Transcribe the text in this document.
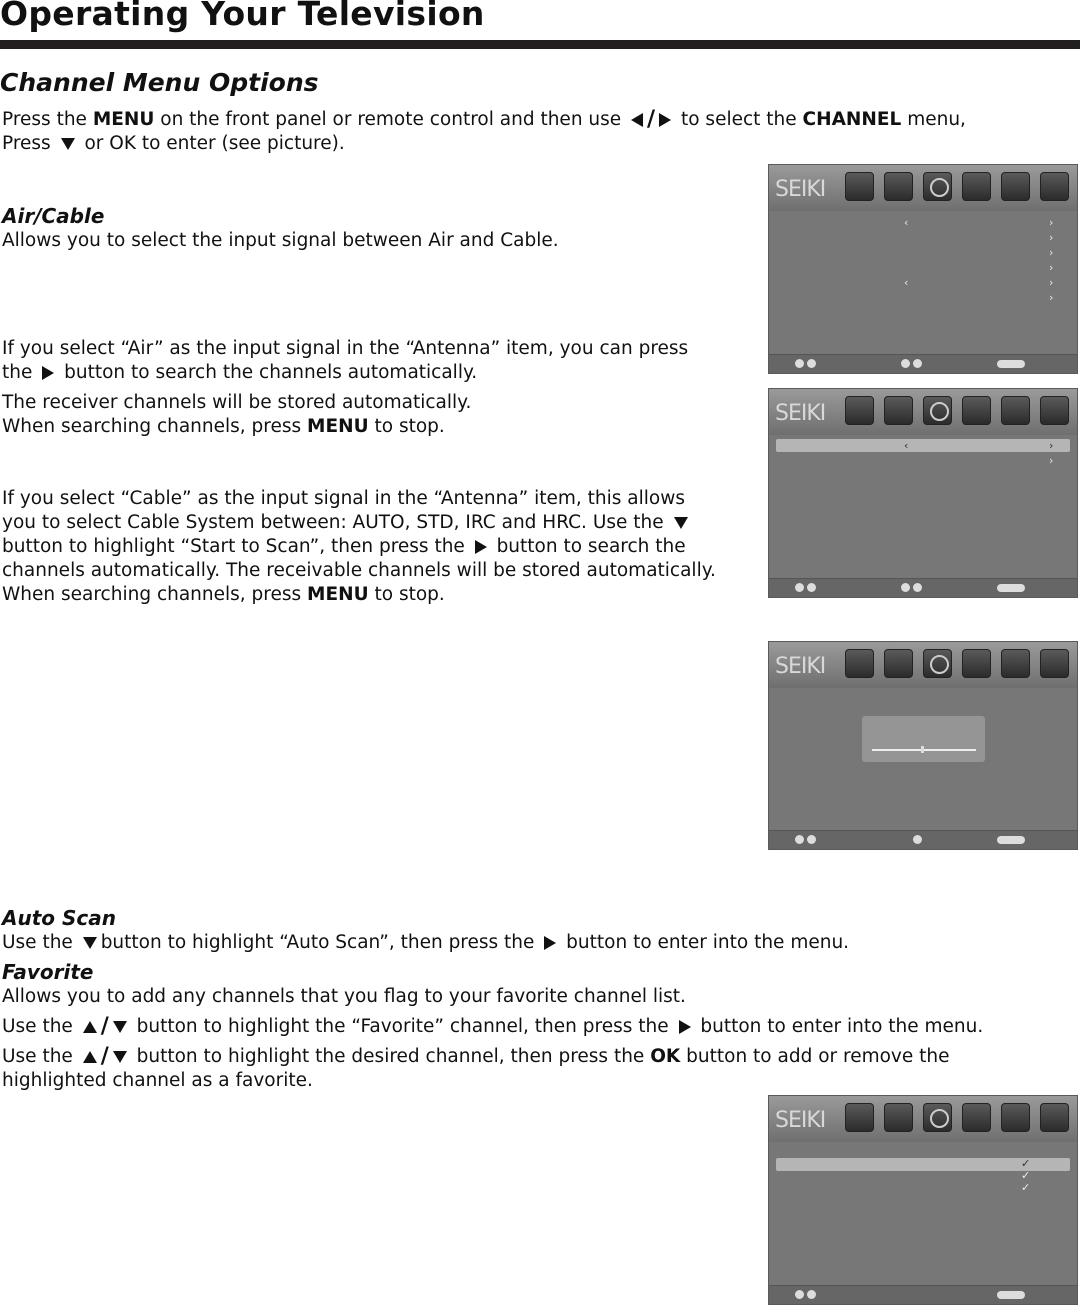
Operating Your Television
Channel Menu Options
Press the MENU on the front panel or remote control and then use / to select the CHANNEL menu,
Press  or OK to enter (see picture).
Air/Cable
Allows you to select the input signal between Air and Cable.
If you select “Air” as the input signal in the “Antenna” item, you can press
the  button to search the channels automatically.
The receiver channels will be stored automatically.
When searching channels, press MENU to stop.
If you select “Cable” as the input signal in the “Antenna” item, this allows
you to select Cable System between: AUTO, STD, IRC and HRC. Use the
button to highlight “Start to Scan”, then press the  button to search the
channels automatically. The receivable channels will be stored automatically.
When searching channels, press MENU to stop.
Auto Scan
Use the button to highlight “Auto Scan”, then press the  button to enter into the menu.
Favorite
Allows you to add any channels that you flag to your favorite channel list.
Use the / button to highlight the “Favorite” channel, then press the  button to enter into the menu.
Use the / button to highlight the desired channel, then press the OK button to add or remove the
highlighted channel as a favorite.
SEIKI
‹	›
›
›
›
‹	›
›
SEIKI
‹	›
›
SEIKI
SEIKI
✓
✓
✓
